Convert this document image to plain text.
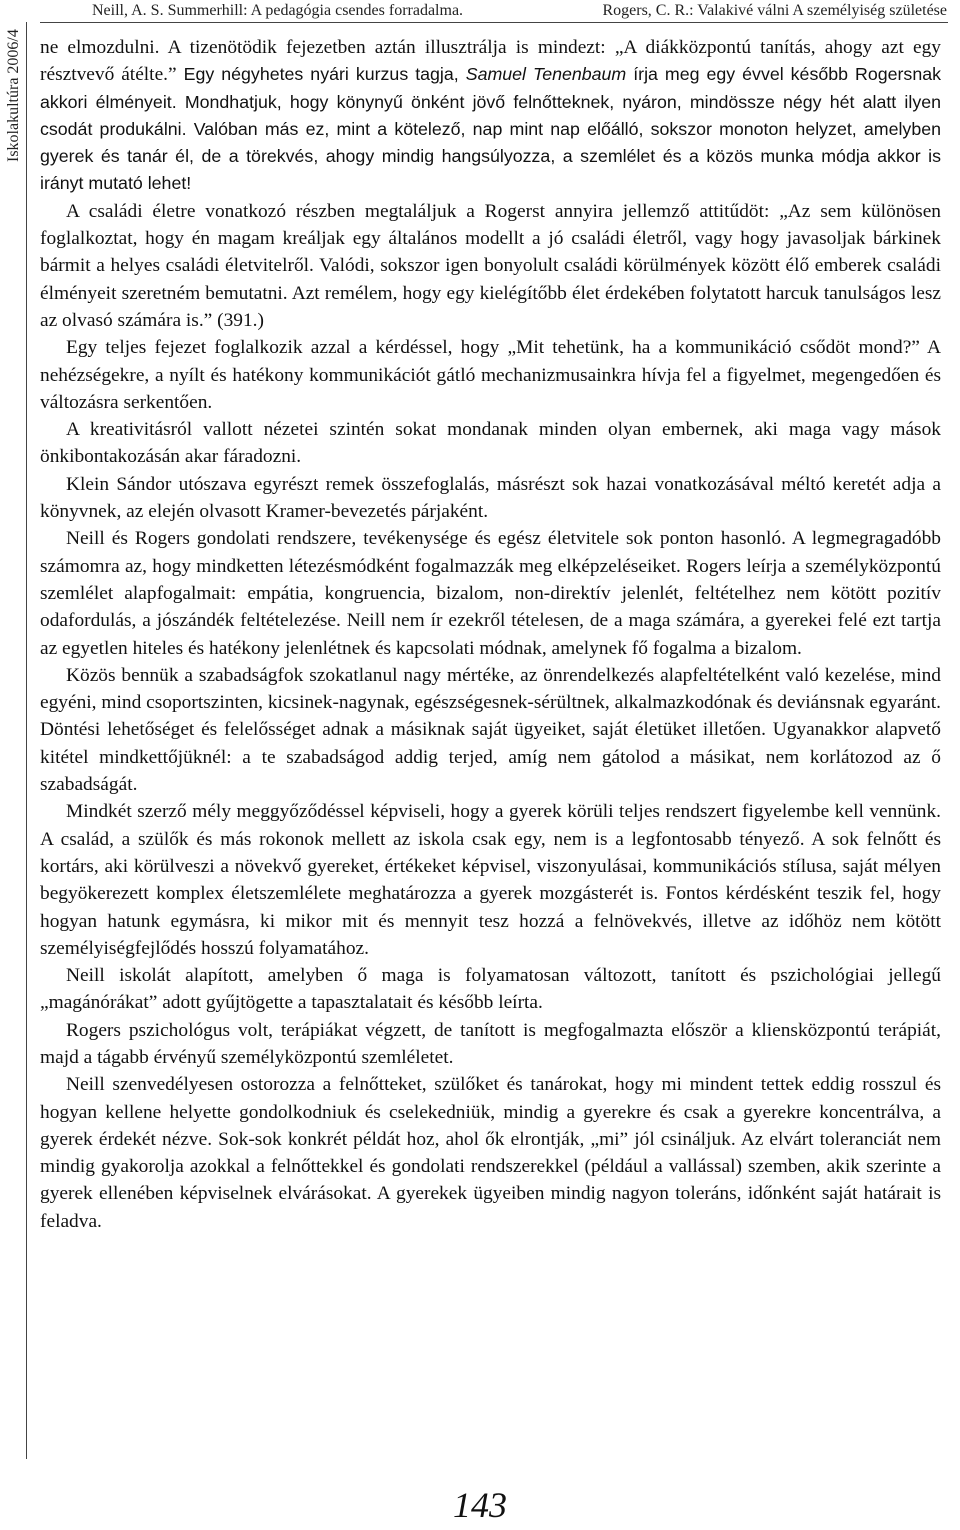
Neill, A. S. Summerhill: A pedagógia csendes forradalma.	Rogers, C. R.: Valakivé válni A személyiség születése
Iskolakultúra 2006/4 ne elmozdulni. A tizenötödik fejezetben aztán illusztrálja is mindezt: „A diákközpontú tanítás, ahogy azt egy résztvevő átélte.” Egy négyhetes nyári kurzus tagja, Samuel Tenenbaum írja meg egy évvel később Rogersnak akkori élményeit. Mondhatjuk, hogy könynyű önként jövő felnőtteknek, nyáron, mindössze négy hét alatt ilyen csodát produkálni. Valóban más ez, mint a kötelező, nap mint nap előálló, sokszor monoton helyzet, amelyben gyerek és tanár él, de a törekvés, ahogy mindig hangsúlyozza, a szemlélet és a közös munka módja akkor is irányt mutató lehet!

A családi életre vonatkozó részben megtaláljuk a Rogerst annyira jellemző attitűdöt: „Az sem különösen foglalkoztat, hogy én magam kreáljak egy általános modellt a jó családi életről, vagy hogy javasoljak bárkinek bármit a helyes családi életvitelről. Valódi, sokszor igen bonyolult családi körülmények között élő emberek családi élményeit szeretném bemutatni. Azt remélem, hogy egy kielégítőbb élet érdekében folytatott harcuk tanulságos lesz az olvasó számára is.” (391.)

Egy teljes fejezet foglalkozik azzal a kérdéssel, hogy „Mit tehetünk, ha a kommunikáció csődöt mond?” A nehézségekre, a nyílt és hatékony kommunikációt gátló mechanizmusainkra hívja fel a figyelmet, megengedően és változásra serkentően.

A kreativitásról vallott nézetei szintén sokat mondanak minden olyan embernek, aki maga vagy mások önkibontakozásán akar fáradozni.

Klein Sándor utószava egyrészt remek összefoglalás, másrészt sok hazai vonatkozásával méltó keretét adja a könyvnek, az elején olvasott Kramer-bevezetés párjaként.

Neill és Rogers gondolati rendszere, tevékenysége és egész életvitele sok ponton hasonló. A legmegragadóbb számomra az, hogy mindketten létezésmódként fogalmazzák meg elképzeléseiket. Rogers leírja a személyközpontú szemlélet alapfogalmait: empátia, kongruencia, bizalom, non-direktív jelenlét, feltételhez nem kötött pozitív odafordulás, a jószándék feltételezése. Neill nem ír ezekről tételesen, de a maga számára, a gyerekei felé ezt tartja az egyetlen hiteles és hatékony jelenlétnek és kapcsolati módnak, amelynek fő fogalma a bizalom.

Közös bennük a szabadságfok szokatlanul nagy mértéke, az önrendelkezés alapfeltételként való kezelése, mind egyéni, mind csoportszinten, kicsinek-nagynak, egészségesnek-sérültnek, alkalmazkodónak és deviánsnak egyaránt. Döntési lehetőséget és felelősséget adnak a másiknak saját ügyeiket, saját életüket illetően. Ugyanakkor alapvető kitétel mindkettőjüknél: a te szabadságod addig terjed, amíg nem gátolod a másikat, nem korlátozod az ő szabadságát.

Mindkét szerző mély meggyőződéssel képviseli, hogy a gyerek körüli teljes rendszert figyelembe kell vennünk. A család, a szülők és más rokonok mellett az iskola csak egy, nem is a legfontosabb tényező. A sok felnőtt és kortárs, aki körülveszi a növekvő gyereket, értékeket képvisel, viszonyulásai, kommunikációs stílusa, saját mélyen begyökerezett komplex életszemlélete meghatározza a gyerek mozgásterét is. Fontos kérdésként teszik fel, hogy hogyan hatunk egymásra, ki mikor mit és mennyit tesz hozzá a felnövekvés, illetve az időhöz nem kötött személyiségfejlődés hosszú folyamatához.

Neill iskolát alapított, amelyben ő maga is folyamatosan változott, tanított és pszichológiai jellegű „magánórákat” adott gyűjtögette a tapasztalatait és később leírta.

Rogers pszichológus volt, terápiákat végzett, de tanított is megfogalmazta először a kliensközpontú terápiát, majd a tágabb érvényű személyközpontú szemléletet.

Neill szenvedélyesen ostorozza a felnőtteket, szülőket és tanárokat, hogy mi mindent tettek eddig rosszul és hogyan kellene helyette gondolkodniuk és cselekedniük, mindig a gyerekre és csak a gyerekre koncentrálva, a gyerek érdekét nézve. Sok-sok konkrét példát hoz, ahol ők elrontják, „mi” jól csináljuk. Az elvárt toleranciát nem mindig gyakorolja azokkal a felnőttekkel és gondolati rendszerekkel (például a vallással) szemben, akik szerinte a gyerek ellenében képviselnek elvárásokat. A gyerekek ügyeiben mindig nagyon toleráns, időnként saját határait is feladva.

143
